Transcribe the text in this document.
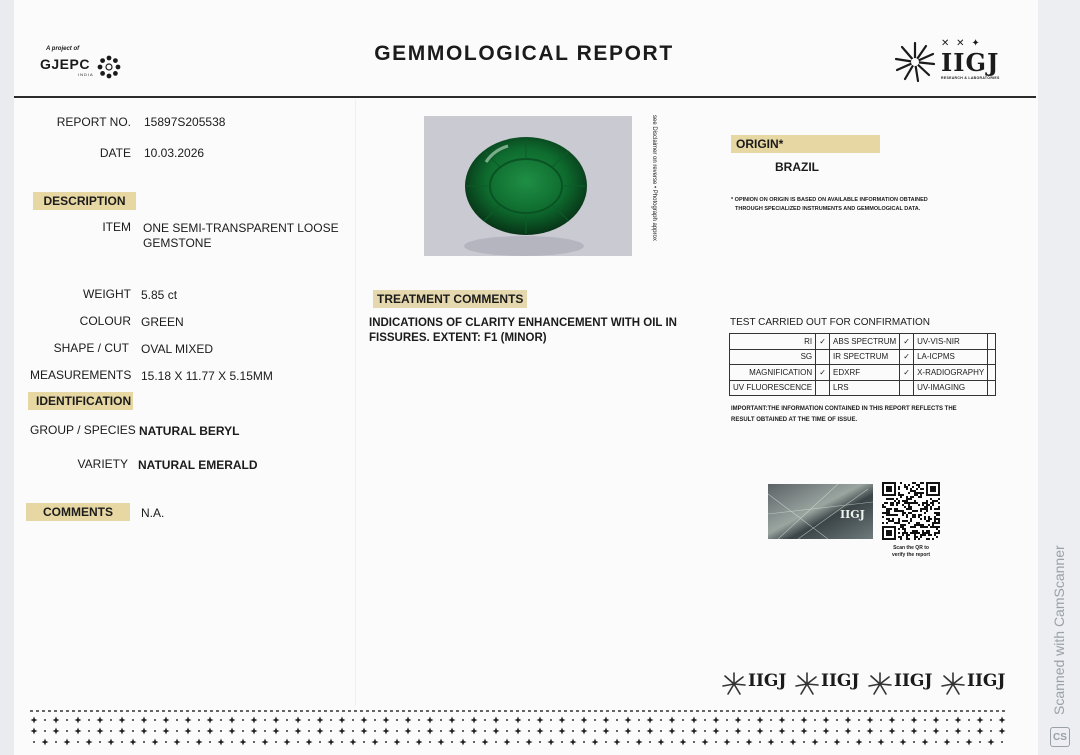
A project of
GJEPC
INDIA
GEMMOLOGICAL REPORT	✕ ✕ ✦
IIGJ
RESEARCH & LABORATORIES
REPORT NO. 15897S205538
DATE 10.03.2026
DESCRIPTION
ITEM ONE SEMI-TRANSPARENT LOOSE
GEMSTONE
WEIGHT 5.85 ct
COLOUR GREEN
SHAPE / CUT OVAL MIXED
MEASUREMENTS 15.18 X 11.77 X 5.15MM
IDENTIFICATION
GROUP / SPECIES NATURAL BERYL
VARIETY NATURAL EMERALD
COMMENTS	N.A.
see Disclaimer on reverse • Photograph approx
TREATMENT COMMENTS
INDICATIONS OF CLARITY ENHANCEMENT WITH OIL IN
FISSURES. EXTENT: F1 (MINOR)
ORIGIN*
BRAZIL
* OPINION ON ORIGIN IS BASED ON AVAILABLE INFORMATION OBTAINED
THROUGH SPECIALIZED INSTRUMENTS AND GEMMOLOGICAL DATA.
TEST CARRIED OUT FOR CONFIRMATION
RI	✓	ABS SPECTRUM	✓	UV-VIS-NIR	
SG		IR SPECTRUM	✓	LA-ICPMS	
MAGNIFICATION	✓	EDXRF	✓	X-RADIOGRAPHY	
UV FLUORESCENCE		LRS		UV-IMAGING	
IMPORTANT:THE INFORMATION CONTAINED IN THIS REPORT REFLECTS THE
RESULT OBTAINED AT THE TIME OF ISSUE.
IIGJ
Scan the QR to
verify the report
IIGJ IIGJ IIGJ IIGJ	Scanned with CamScanner
CS
